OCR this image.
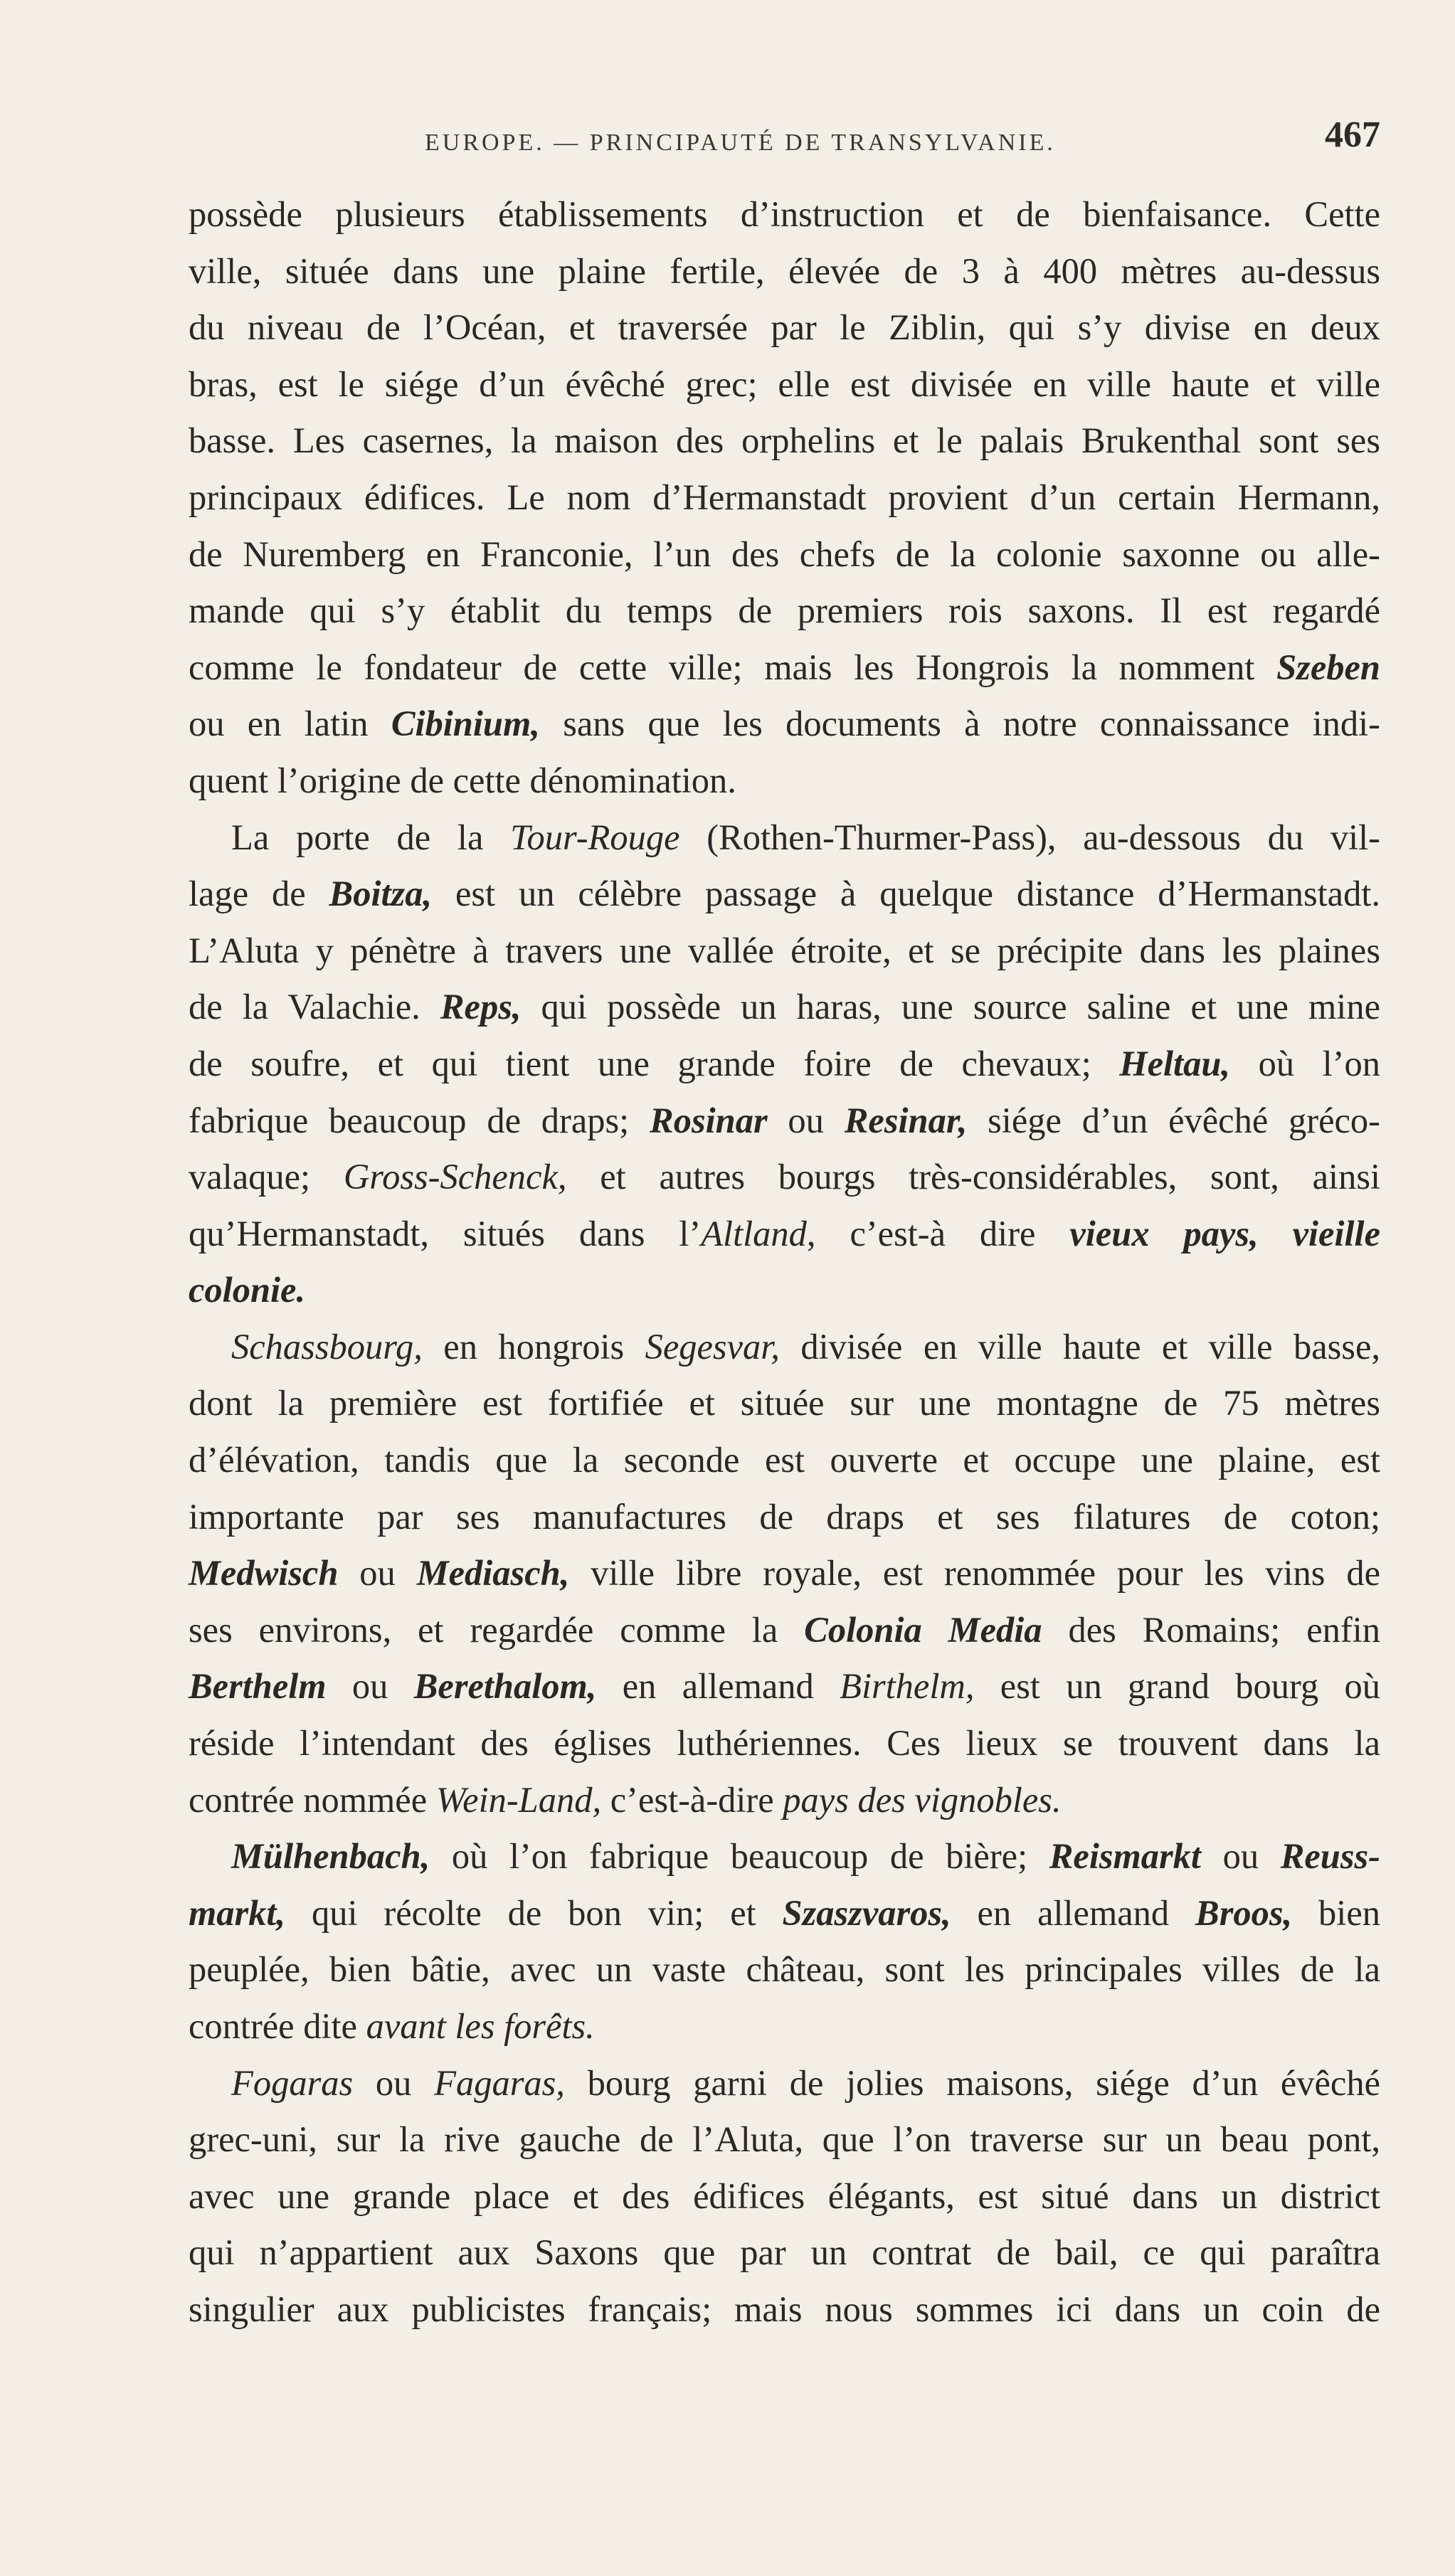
EUROPE. — PRINCIPAUTÉ DE TRANSYLVANIE.	467
possède plusieurs établissements d’instruction et de bienfaisance. Cette
ville, située dans une plaine fertile, élevée de 3 à 400 mètres au-dessus
du niveau de l’Océan, et traversée par le Ziblin, qui s’y divise en deux
bras, est le siége d’un évêché grec; elle est divisée en ville haute et ville
basse. Les casernes, la maison des orphelins et le palais Brukenthal sont ses
principaux édifices. Le nom d’Hermanstadt provient d’un certain Hermann,
de Nuremberg en Franconie, l’un des chefs de la colonie saxonne ou alle-
mande qui s’y établit du temps de premiers rois saxons. Il est regardé
comme le fondateur de cette ville; mais les Hongrois la nomment Szeben
ou en latin Cibinium, sans que les documents à notre connaissance indi-
quent l’origine de cette dénomination.
La porte de la Tour-Rouge (Rothen-Thurmer-Pass), au-dessous du vil-
lage de Boitza, est un célèbre passage à quelque distance d’Hermanstadt.
L’Aluta y pénètre à travers une vallée étroite, et se précipite dans les plaines
de la Valachie. Reps, qui possède un haras, une source saline et une mine
de soufre, et qui tient une grande foire de chevaux; Heltau, où l’on
fabrique beaucoup de draps; Rosinar ou Resinar, siége d’un évêché gréco-
valaque; Gross-Schenck, et autres bourgs très-considérables, sont, ainsi
qu’Hermanstadt, situés dans l’Altland, c’est-à dire vieux pays, vieille
colonie.
Schassbourg, en hongrois Segesvar, divisée en ville haute et ville basse,
dont la première est fortifiée et située sur une montagne de 75 mètres
d’élévation, tandis que la seconde est ouverte et occupe une plaine, est
importante par ses manufactures de draps et ses filatures de coton;
Medwisch ou Mediasch, ville libre royale, est renommée pour les vins de
ses environs, et regardée comme la Colonia Media des Romains; enfin
Berthelm ou Berethalom, en allemand Birthelm, est un grand bourg où
réside l’intendant des églises luthériennes. Ces lieux se trouvent dans la
contrée nommée Wein-Land, c’est-à-dire pays des vignobles.
Mülhenbach, où l’on fabrique beaucoup de bière; Reismarkt ou Reuss-
markt, qui récolte de bon vin; et Szaszvaros, en allemand Broos, bien
peuplée, bien bâtie, avec un vaste château, sont les principales villes de la
contrée dite avant les forêts.
Fogaras ou Fagaras, bourg garni de jolies maisons, siége d’un évêché
grec-uni, sur la rive gauche de l’Aluta, que l’on traverse sur un beau pont,
avec une grande place et des édifices élégants, est situé dans un district
qui n’appartient aux Saxons que par un contrat de bail, ce qui paraîtra
singulier aux publicistes français; mais nous sommes ici dans un coin de
